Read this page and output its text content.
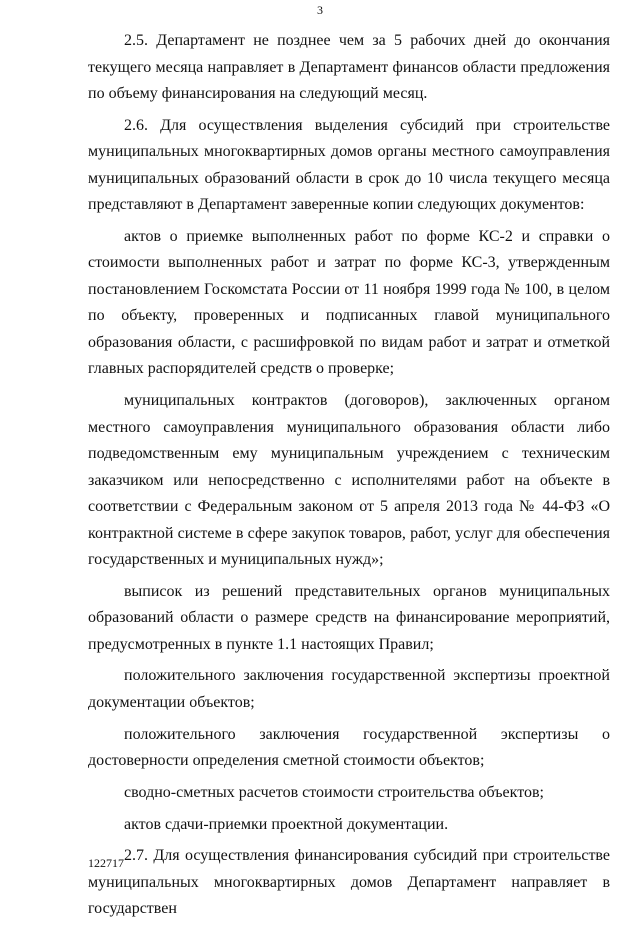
3

2.5. Департамент не позднее чем за 5 рабочих дней до окончания текущего месяца направляет в Департамент финансов области предложения по объему финансирования на следующий месяц.

2.6. Для осуществления выделения субсидий при строительстве муниципальных многоквартирных домов органы местного самоуправления муниципальных образований области в срок до 10 числа текущего месяца представляют в Департамент заверенные копии следующих документов:

актов о приемке выполненных работ по форме КС-2 и справки о стоимости выполненных работ и затрат по форме КС-3, утвержденным постановлением Госкомстата России от 11 ноября 1999 года № 100, в целом по объекту, проверенных и подписанных главой муниципального образования области, с расшифровкой по видам работ и затрат и отметкой главных распорядителей средств о проверке;

муниципальных контрактов (договоров), заключенных органом местного самоуправления муниципального образования области либо подведомственным ему муниципальным учреждением с техническим заказчиком или непосредственно с исполнителями работ на объекте в соответствии с Федеральным законом от 5 апреля 2013 года № 44-ФЗ «О контрактной системе в сфере закупок товаров, работ, услуг для обеспечения государственных и муниципальных нужд»;

выписок из решений представительных органов муниципальных образований области о размере средств на финансирование мероприятий, предусмотренных в пункте 1.1 настоящих Правил;

положительного заключения государственной экспертизы проектной документации объектов;

положительного заключения государственной экспертизы о достоверности определения сметной стоимости объектов;

сводно-сметных расчетов стоимости строительства объектов;

актов сдачи-приемки проектной документации.

2.7. Для осуществления финансирования субсидий при строительстве муниципальных многоквартирных домов Департамент направляет в государствен

122717
